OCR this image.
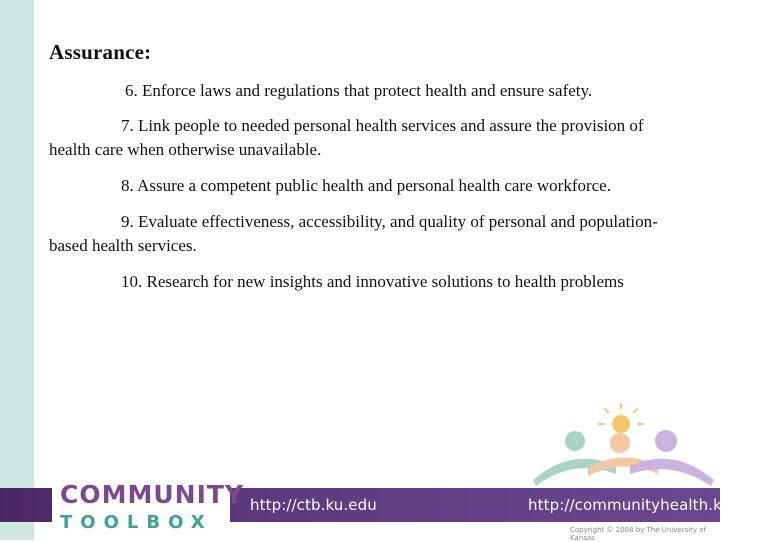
Assurance:

6. Enforce laws and regulations that protect health and ensure safety.

7. Link people to needed personal health services and assure the provision of health care when otherwise unavailable.

8. Assure a competent public health and personal health care workforce.

9. Evaluate effectiveness, accessibility, and quality of personal and population-based health services.

10. Research for new insights and innovative solutions to health problems

http://ctb.ku.edu	http://communityhealth.ku.edu/
COMMUNITY
TOOLBOX	Copyright © 2008 by The University of Kansas
